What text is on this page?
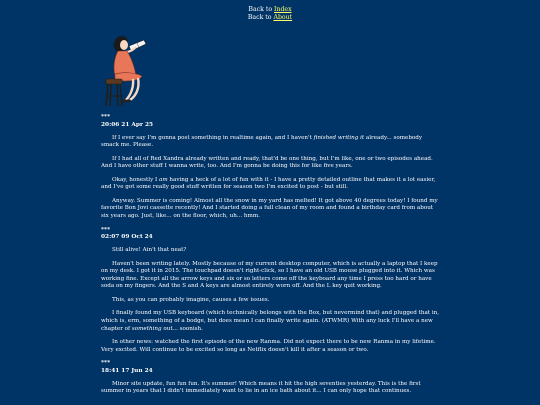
Back to Index
Back to About
***
20:06 21 Apr 25

If I ever say I'm gonna post something in realtime again, and I haven't finished writing it already... somebody smack me. Please.

If I had all of Red Xandra already written and ready, that'd be one thing, but I'm like, one or two episodes ahead. And I have other stuff I wanna write, too. And I'm gonna be doing this for like five years.

Okay, honestly I am having a heck of a lot of fun with it - I have a pretty detailed outline that makes it a lot easier, and I've got some really good stuff written for season two I'm excited to post - but still.

Anyway. Summer is coming! Almost all the snow in my yard has melted! It got above 40 degrees today! I found my favorite Bon Jovi cassette recently! And I started doing a full clean of my room and found a birthday card from about six years ago. Just, like... on the floor, which, uh... hmm.

***
02:07 09 Oct 24

Still alive! Ain't that neat?

Haven't been writing lately. Mostly because of my current desktop computer, which is actually a laptop that I keep on my desk. I got it in 2015. The touchpad doesn't right-click, so I have an old USB mouse plugged into it. Which was working fine. Except all the arrow keys and six or so letters come off the keyboard any time I press too hard or have soda on my fingers. And the S and A keys are almost entirely worn off. And the L key quit working.

This, as you can probably imagine, causes a few issues.

I finally found my USB keyboard (which technically belongs with the Box, but nevermind that) and plugged that in, which is, erm, something of a bodge, but does mean I can finally write again. (ATWMR) With any luck I'll have a new chapter of something out... soonish.

In other news: watched the first episode of the new Ranma. Did not expect there to be new Ranma in my lifetime. Very excited. Will continue to be excited so long as Netflix doesn't kill it after a season or two.

***
18:41 17 Jun 24

Minor site update, fun fun fun. It's summer! Which means it hit the high seventies yesterday. This is the first summer in years that I didn't immediately want to lie in an ice bath about it... I can only hope that continues.
